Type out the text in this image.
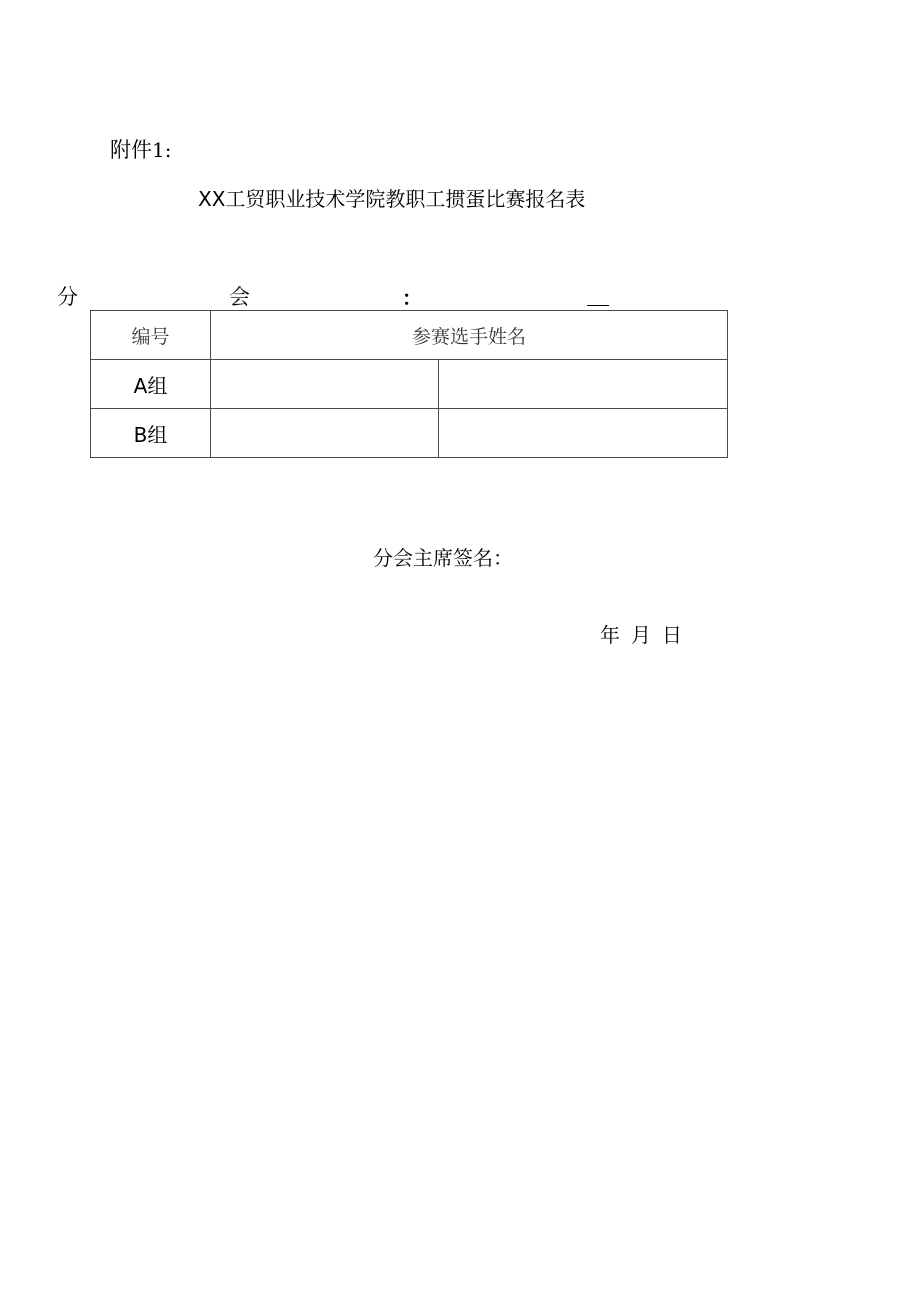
附件1:
XX工贸职业技术学院教职工掼蛋比赛报名表
分	会	：
编号	参赛选手姓名	
A组		
B组		
分会主席签名：
年 月 日
